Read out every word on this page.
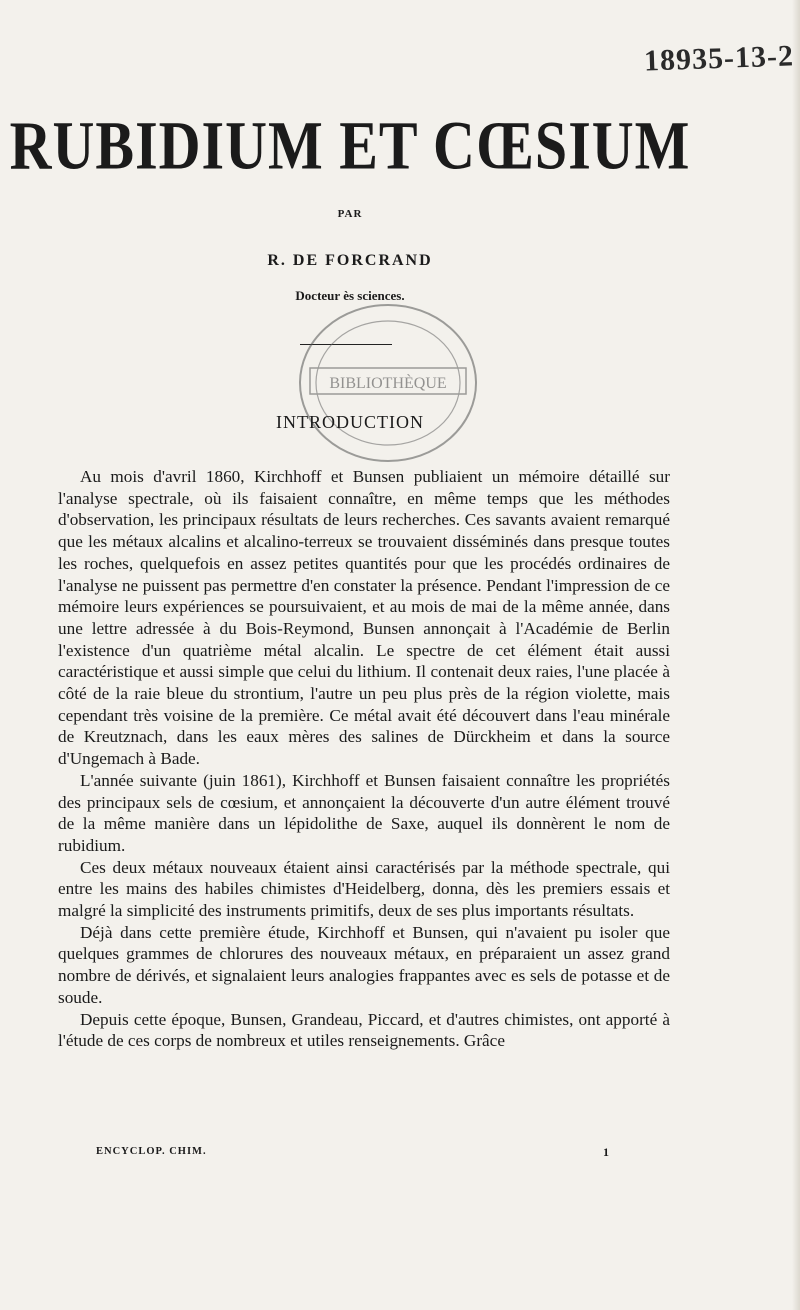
18935-13-2
RUBIDIUM ET CŒSIUM
PAR
R. DE FORCRAND
Docteur ès sciences.
BIBLIOTHÈQUE
INTRODUCTION

Au mois d'avril 1860, Kirchhoff et Bunsen publiaient un mémoire détaillé sur l'analyse spectrale, où ils faisaient connaître, en même temps que les méthodes d'observation, les principaux résultats de leurs recherches. Ces savants avaient remarqué que les métaux alcalins et alcalino-terreux se trouvaient disséminés dans presque toutes les roches, quelquefois en assez petites quantités pour que les procédés ordinaires de l'analyse ne puissent pas permettre d'en constater la présence. Pendant l'impression de ce mémoire leurs expériences se poursuivaient, et au mois de mai de la même année, dans une lettre adressée à du Bois-Reymond, Bunsen annonçait à l'Académie de Berlin l'existence d'un quatrième métal alcalin. Le spectre de cet élément était aussi caractéristique et aussi simple que celui du lithium. Il contenait deux raies, l'une placée à côté de la raie bleue du strontium, l'autre un peu plus près de la région violette, mais cependant très voisine de la première. Ce métal avait été découvert dans l'eau minérale de Kreutznach, dans les eaux mères des salines de Dürckheim et dans la source d'Ungemach à Bade.

L'année suivante (juin 1861), Kirchhoff et Bunsen faisaient connaître les propriétés des principaux sels de cœsium, et annonçaient la découverte d'un autre élément trouvé de la même manière dans un lépidolithe de Saxe, auquel ils donnèrent le nom de rubidium.

Ces deux métaux nouveaux étaient ainsi caractérisés par la méthode spectrale, qui entre les mains des habiles chimistes d'Heidelberg, donna, dès les premiers essais et malgré la simplicité des instruments primitifs, deux de ses plus importants résultats.

Déjà dans cette première étude, Kirchhoff et Bunsen, qui n'avaient pu isoler que quelques grammes de chlorures des nouveaux métaux, en préparaient un assez grand nombre de dérivés, et signalaient leurs analogies frappantes avec es sels de potasse et de soude.

Depuis cette époque, Bunsen, Grandeau, Piccard, et d'autres chimistes, ont apporté à l'étude de ces corps de nombreux et utiles renseignements. Grâce

ENCYCLOP. CHIM.	1
